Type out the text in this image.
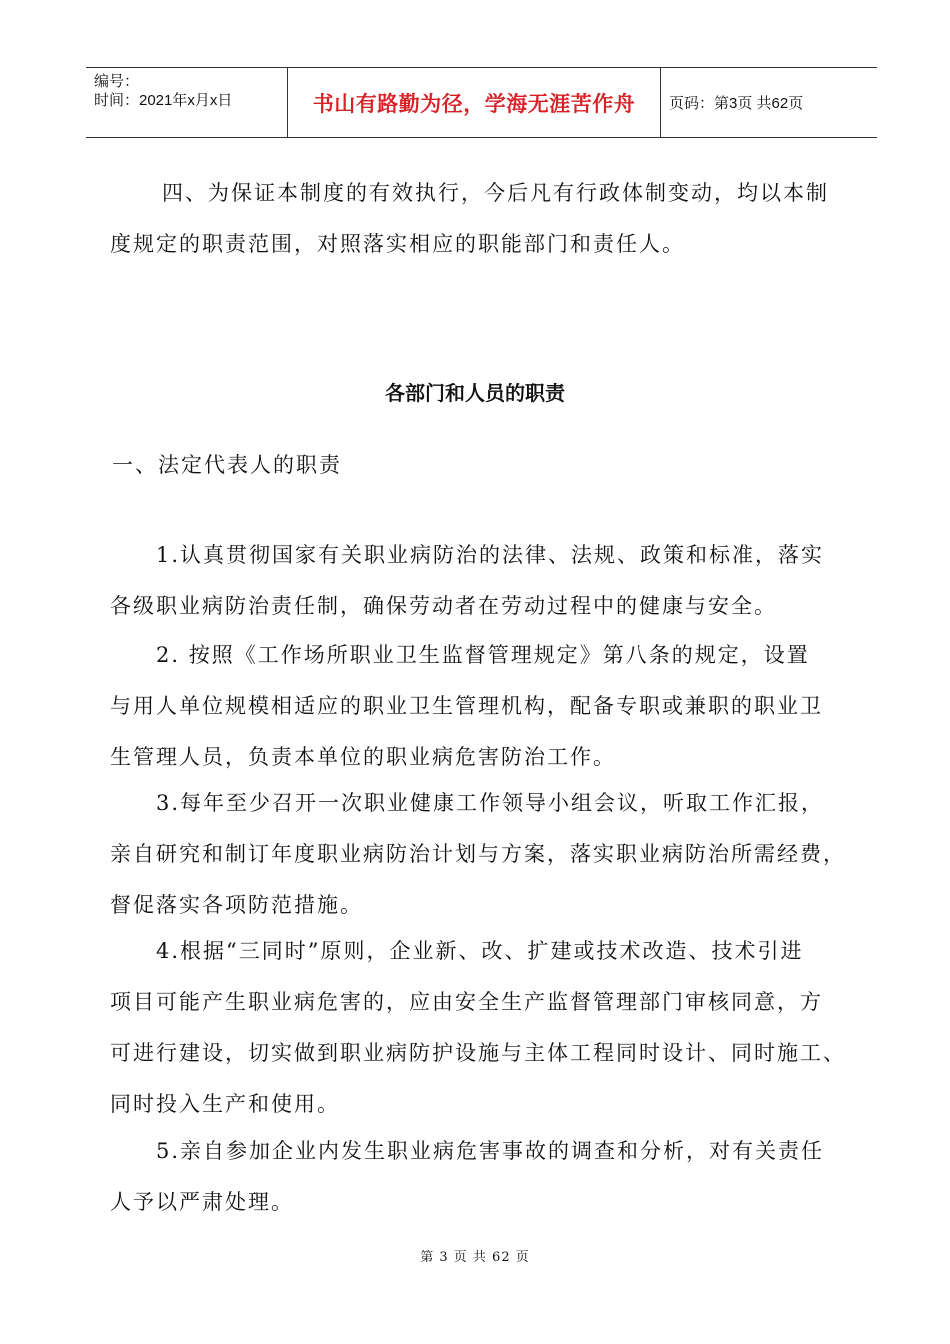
编号：
时间：2021年x月x日	书山有路勤为径，学海无涯苦作舟 页码：第3页 共62页
四、为保证本制度的有效执行，今后凡有行政体制变动，均以本制
度规定的职责范围，对照落实相应的职能部门和责任人。
各部门和人员的职责
一、法定代表人的职责
1.认真贯彻国家有关职业病防治的法律、法规、政策和标准，落实
各级职业病防治责任制，确保劳动者在劳动过程中的健康与安全。
2. 按照《工作场所职业卫生监督管理规定》第八条的规定，设置
与用人单位规模相适应的职业卫生管理机构，配备专职或兼职的职业卫
生管理人员，负责本单位的职业病危害防治工作。
3.每年至少召开一次职业健康工作领导小组会议，听取工作汇报，
亲自研究和制订年度职业病防治计划与方案，落实职业病防治所需经费，
督促落实各项防范措施。
4.根据“三同时”原则，企业新、改、扩建或技术改造、技术引进
项目可能产生职业病危害的，应由安全生产监督管理部门审核同意，方
可进行建设，切实做到职业病防护设施与主体工程同时设计、同时施工、
同时投入生产和使用。
5.亲自参加企业内发生职业病危害事故的调查和分析，对有关责任
人予以严肃处理。
第 3 页 共 62 页
